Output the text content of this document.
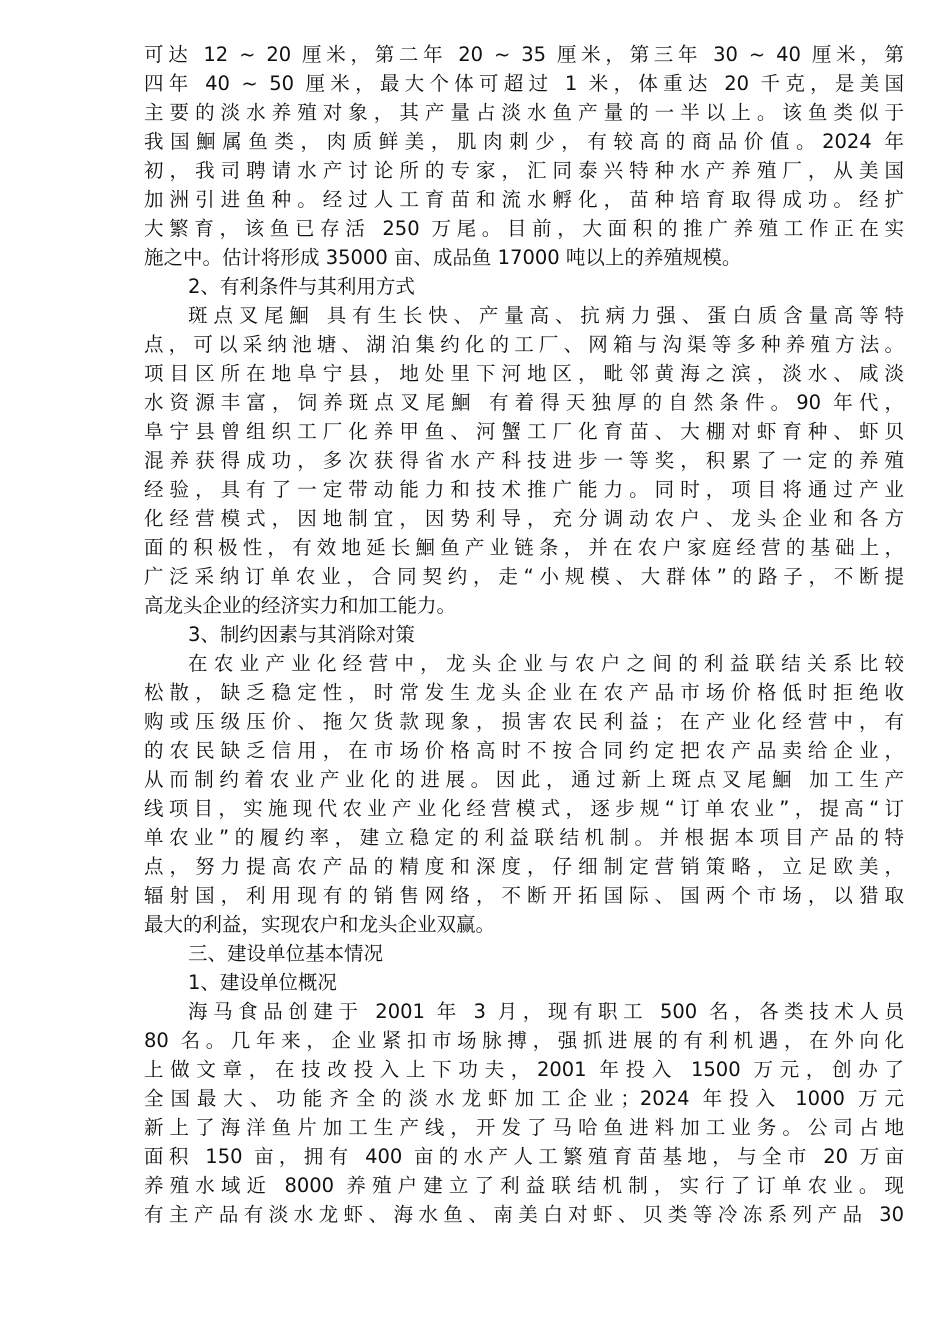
可达 12 ~ 20 厘米，第二年 20 ~ 35 厘米，第三年 30 ~ 40 厘米，第
四年 40 ~ 50 厘米，最大个体可超过 1 米，体重达 20 千克，是美国
主要的淡水养殖对象，其产量占淡水鱼产量的一半以上。该鱼类似于
我国鮰属鱼类，肉质鲜美，肌肉刺少，有较高的商品价值。2024 年
初，我司聘请水产讨论所的专家，汇同泰兴特种水产养殖厂，从美国
加洲引进鱼种。经过人工育苗和流水孵化，苗种培育取得成功。经扩
大繁育，该鱼已存活 250 万尾。目前，大面积的推广养殖工作正在实
施之中。估计将形成 35000 亩、成品鱼 17000 吨以上的养殖规模。
2、有利条件与其利用方式
斑点叉尾鮰 具有生长快、产量高、抗病力强、蛋白质含量高等特
点，可以采纳池塘、湖泊集约化的工厂、网箱与沟渠等多种养殖方法。
项目区所在地阜宁县，地处里下河地区，毗邻黄海之滨，淡水、咸淡
水资源丰富，饲养斑点叉尾鮰 有着得天独厚的自然条件。90 年代，
阜宁县曾组织工厂化养甲鱼、河蟹工厂化育苗、大棚对虾育种、虾贝
混养获得成功，多次获得省水产科技进步一等奖，积累了一定的养殖
经验，具有了一定带动能力和技术推广能力。同时，项目将通过产业
化经营模式，因地制宜，因势利导，充分调动农户、龙头企业和各方
面的积极性，有效地延长鮰鱼产业链条，并在农户家庭经营的基础上，
广泛采纳订单农业，合同契约，走“小规模、大群体”的路子，不断提
高龙头企业的经济实力和加工能力。
3、制约因素与其消除对策
在农业产业化经营中，龙头企业与农户之间的利益联结关系比较
松散，缺乏稳定性，时常发生龙头企业在农产品市场价格低时拒绝收
购或压级压价、拖欠货款现象，损害农民利益；在产业化经营中，有
的农民缺乏信用，在市场价格高时不按合同约定把农产品卖给企业，
从而制约着农业产业化的进展。因此，通过新上斑点叉尾鮰 加工生产
线项目，实施现代农业产业化经营模式，逐步规“订单农业”，提高“订
单农业”的履约率，建立稳定的利益联结机制。并根据本项目产品的特
点，努力提高农产品的精度和深度，仔细制定营销策略，立足欧美，
辐射国，利用现有的销售网络，不断开拓国际、国两个市场，以猎取
最大的利益，实现农户和龙头企业双赢。
三、建设单位基本情况
1、建设单位概况
海马食品创建于 2001 年 3 月，现有职工 500 名，各类技术人员
80 名。几年来，企业紧扣市场脉搏，强抓进展的有利机遇，在外向化
上做文章，在技改投入上下功夫，2001 年投入 1500 万元，创办了
全国最大、功能齐全的淡水龙虾加工企业；2024 年投入 1000 万元
新上了海洋鱼片加工生产线，开发了马哈鱼进料加工业务。公司占地
面积 150 亩，拥有 400 亩的水产人工繁殖育苗基地，与全市 20 万亩
养殖水域近 8000 养殖户建立了利益联结机制，实行了订单农业。现
有主产品有淡水龙虾、海水鱼、南美白对虾、贝类等冷冻系列产品 30
